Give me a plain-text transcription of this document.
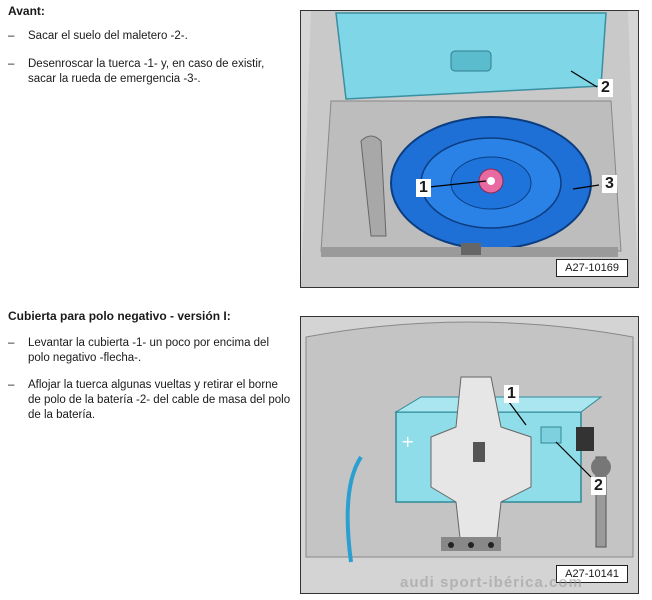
Avant:
– Sacar el suelo del maletero -2-.
– Desenroscar la tuerca -1- y, en caso de existir, sacar la rueda de emergencia -3-.
1
2
3
A27-10169
Cubierta para polo negativo - versión I:
– Levantar la cubierta -1- un poco por encima del polo negativo -flecha-.
– Aflojar la tuerca algunas vueltas y retirar el borne de polo de la batería -2- del cable de masa del polo de la batería.
+
1
2
A27-10141
audi sport-ibérica.com
